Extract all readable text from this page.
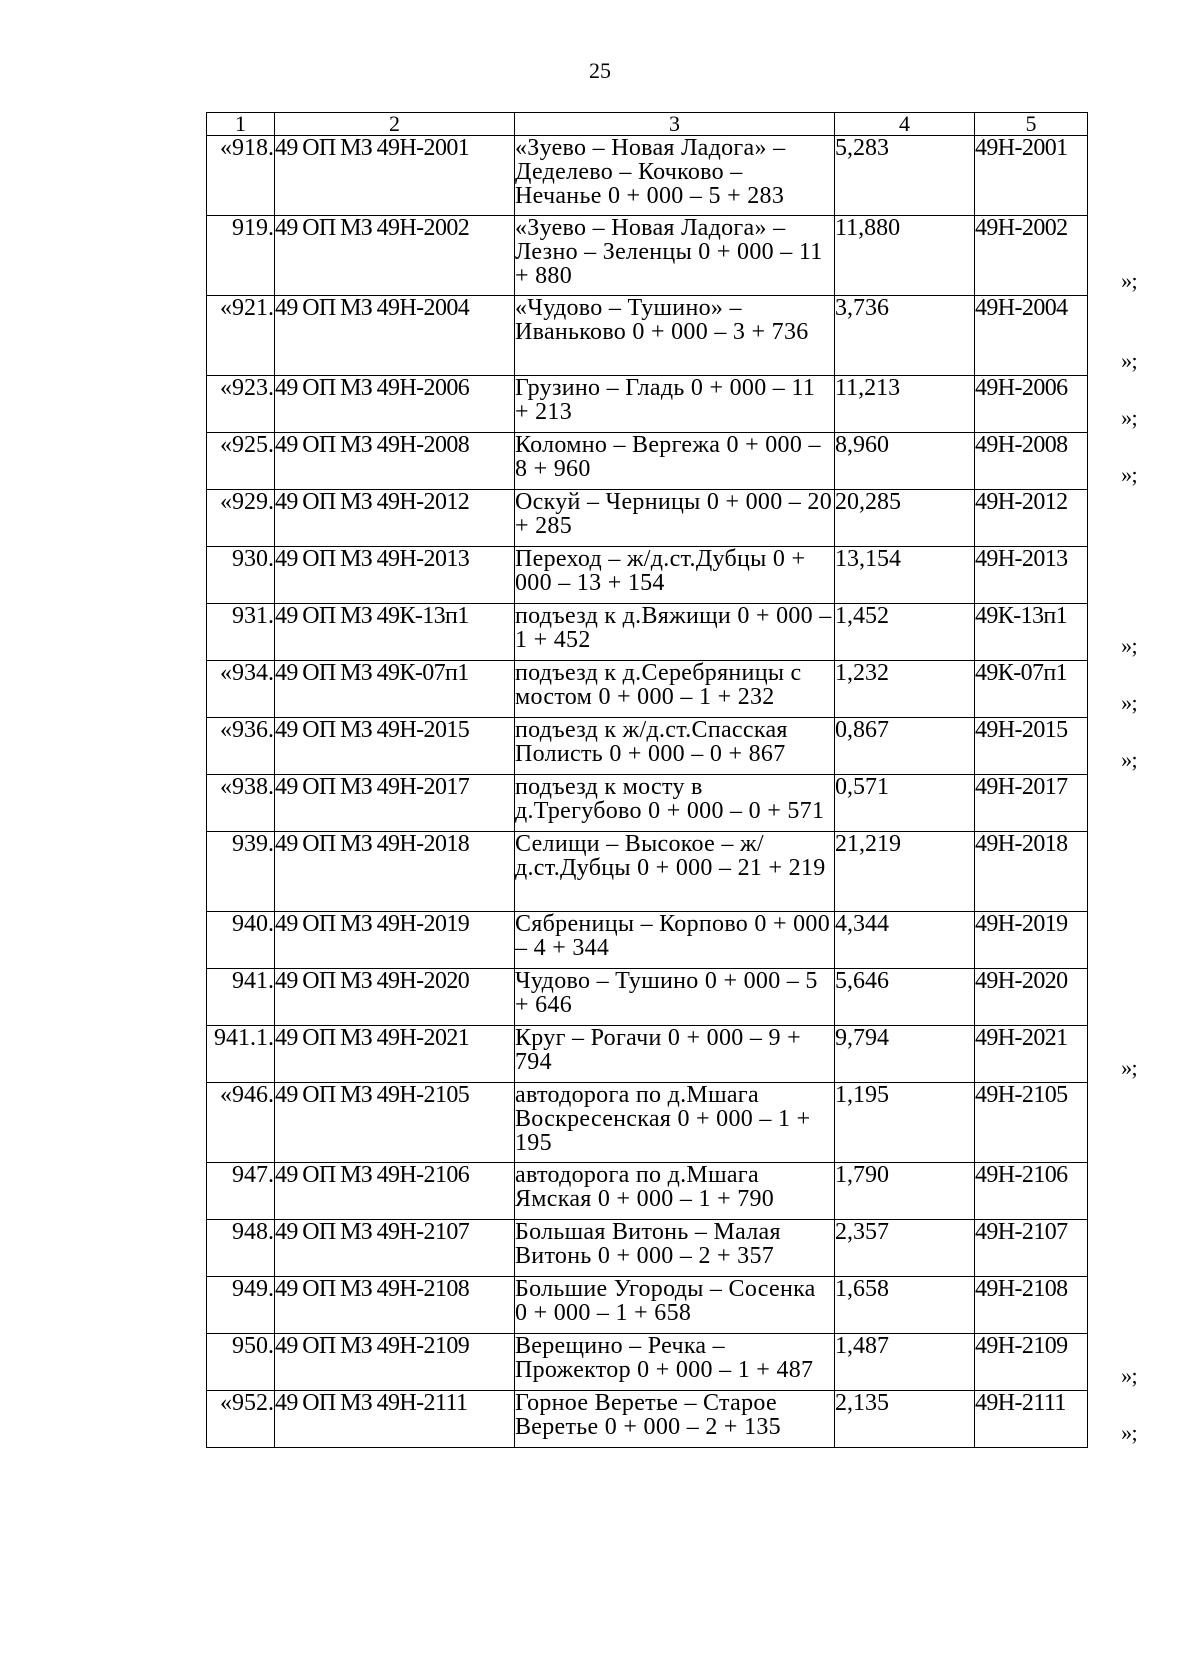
25
1	2	3	4	5
«918.	49 ОП МЗ 49Н-2001	«Зуево – Новая Ладога» – Деделево – Кочково – Нечанье 0 + 000 – 5 + 283	5,283	49Н-2001

919.	49 ОП МЗ 49Н-2002	«Зуево – Новая Ладога» – Лезно – Зеленцы 0 + 000 – 11 + 880	11,880	49Н-2002
»;

«921.	49 ОП МЗ 49Н-2004	«Чудово – Тушино» – Иваньково 0 + 000 – 3 + 736	3,736	49Н-2004
»;

«923.	49 ОП МЗ 49Н-2006	Грузино – Гладь 0 + 000 – 11 + 213	11,213	49Н-2006
»;

«925.	49 ОП МЗ 49Н-2008	Коломно – Вергежа 0 + 000 – 8 + 960	8,960	49Н-2008
»;

«929.	49 ОП МЗ 49Н-2012	Оскуй – Черницы 0 + 000 – 20 + 285	20,285	49Н-2012

930.	49 ОП МЗ 49Н-2013	Переход – ж/д.ст.Дубцы 0 + 000 – 13 + 154	13,154	49Н-2013

931.	49 ОП МЗ 49К-13п1	подъезд к д.Вяжищи 0 + 000 – 1 + 452	1,452	49К-13п1
»;

«934.	49 ОП МЗ 49К-07п1	подъезд к д.Серебряницы с мостом 0 + 000 – 1 + 232	1,232	49К-07п1
»;

«936.	49 ОП МЗ 49Н-2015	подъезд к ж/д.ст.Спасская Полисть 0 + 000 – 0 + 867	0,867	49Н-2015
»;

«938.	49 ОП МЗ 49Н-2017	подъезд к мосту в д.Трегубово 0 + 000 – 0 + 571	0,571	49Н-2017

939.	49 ОП МЗ 49Н-2018	Селищи – Высокое – ж/д.ст.Дубцы 0 + 000 – 21 + 219	21,219	49Н-2018

940.	49 ОП МЗ 49Н-2019	Сябреницы – Корпово 0 + 000 – 4 + 344	4,344	49Н-2019

941.	49 ОП МЗ 49Н-2020	Чудово – Тушино 0 + 000 – 5 + 646	5,646	49Н-2020

941.1.	49 ОП МЗ 49Н-2021	Круг – Рогачи 0 + 000 – 9 + 794	9,794	49Н-2021
»;

«946.	49 ОП МЗ 49Н-2105	автодорога по д.Мшага Воскресенская 0 + 000 – 1 + 195	1,195	49Н-2105

947.	49 ОП МЗ 49Н-2106	автодорога по д.Мшага Ямская 0 + 000 – 1 + 790	1,790	49Н-2106

948.	49 ОП МЗ 49Н-2107	Большая Витонь – Малая Витонь 0 + 000 – 2 + 357	2,357	49Н-2107

949.	49 ОП МЗ 49Н-2108	Большие Угороды – Сосенка 0 + 000 – 1 + 658	1,658	49Н-2108

950.	49 ОП МЗ 49Н-2109	Верещино – Речка – Прожектор 0 + 000 – 1 + 487	1,487	49Н-2109
»;

«952.	49 ОП МЗ 49Н-2111	Горное Веретье – Старое Веретье 0 + 000 – 2 + 135	2,135	49Н-2111
»;
